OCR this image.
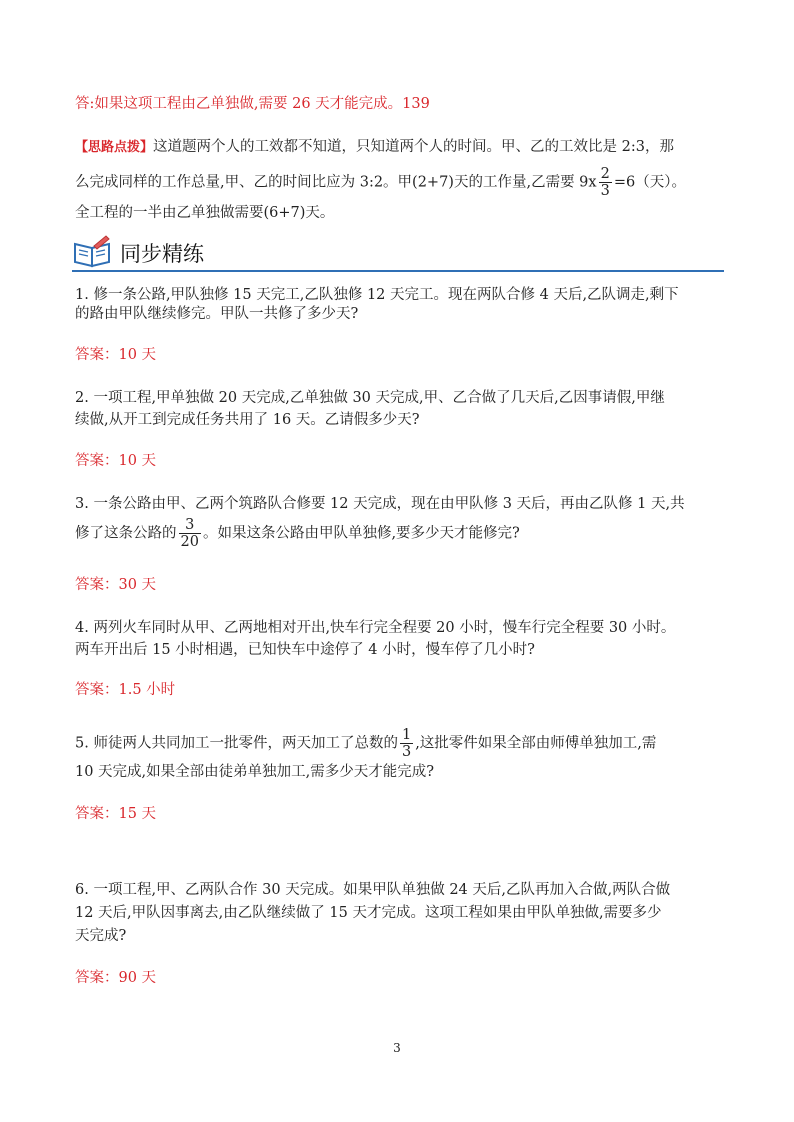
答:如果这项工程由乙单独做,需要 26 天才能完成。139
【思路点拨】这道题两个人的工效都不知道，只知道两个人的时间。甲、乙的工效比是 2:3，那
么完成同样的工作总量,甲、乙的时间比应为 3:2。甲(2+7)天的工作量,乙需要 $9x \frac{2}{3} =6$（天）。
全工程的一半由乙单独做需要(6+7)天。
同步精练
1. 修一条公路,甲队独修 15 天完工,乙队独修 12 天完工。现在两队合修 4 天后,乙队调走,剩下
的路由甲队继续修完。甲队一共修了多少天?
答案：10 天
2. 一项工程,甲单独做 20 天完成,乙单独做 30 天完成,甲、乙合做了几天后,乙因事请假,甲继
续做,从开工到完成任务共用了 16 天。乙请假多少天?
答案：10 天
3. 一条公路由甲、乙两个筑路队合修要 12 天完成，现在由甲队修 3 天后，再由乙队修 1 天,共
修了这条公路的 $\frac{3}{20}$ 。如果这条公路由甲队单独修,要多少天才能修完?
答案：30 天
4. 两列火车同时从甲、乙两地相对开出,快车行完全程要 20 小时，慢车行完全程要 30 小时。
两车开出后 15 小时相遇，已知快车中途停了 4 小时，慢车停了几小时?
答案：1.5 小时
5. 师徒两人共同加工一批零件，两天加工了总数的 $\frac{1}{3}$ ,这批零件如果全部由师傅单独加工,需
10 天完成,如果全部由徒弟单独加工,需多少天才能完成?
答案：15 天
6. 一项工程,甲、乙两队合作 30 天完成。如果甲队单独做 24 天后,乙队再加入合做,两队合做
12 天后,甲队因事离去,由乙队继续做了 15 天才完成。这项工程如果由甲队单独做,需要多少
天完成?
答案：90 天
3
